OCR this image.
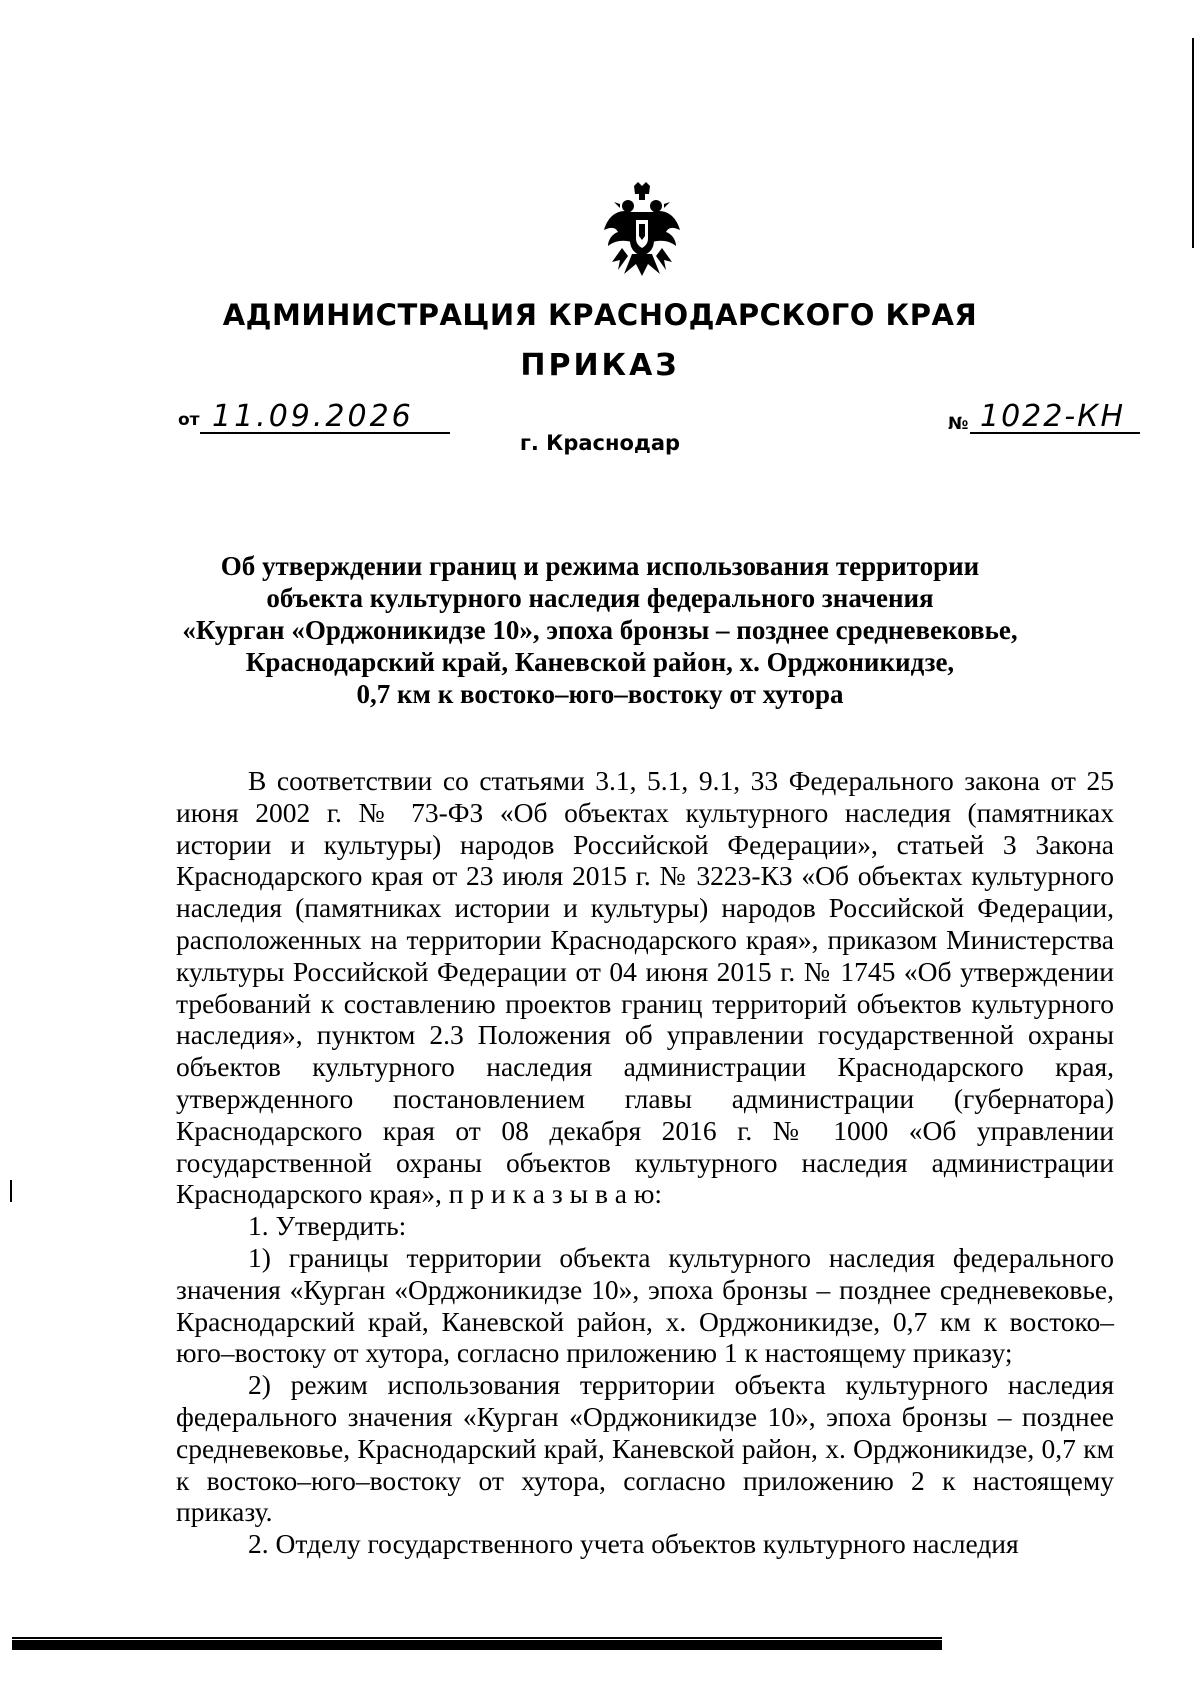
АДМИНИСТРАЦИЯ КРАСНОДАРСКОГО КРАЯ
ПРИКАЗ
от 11.09.2026
г. Краснодар
№ 1022-КН
Об утверждении границ и режима использования территории
объекта культурного наследия федерального значения
«Курган «Орджоникидзе 10», эпоха бронзы – позднее средневековье,
Краснодарский край, Каневской район, х. Орджоникидзе,
0,7 км к востоко–юго–востоку от хутора

В соответствии со статьями 3.1, 5.1, 9.1, 33 Федерального закона от 25 июня 2002 г. № 73-ФЗ «Об объектах культурного наследия (памятниках истории и культуры) народов Российской Федерации», статьей 3 Закона Краснодарского края от 23 июля 2015 г. № 3223-КЗ «Об объектах культурного наследия (памятниках истории и культуры) народов Российской Федерации, расположенных на территории Краснодарского края», приказом Министерства культуры Российской Федерации от 04 июня 2015 г. № 1745 «Об утверждении требований к составлению проектов границ территорий объектов культурного наследия», пунктом 2.3 Положения об управлении государственной охраны объектов культурного наследия администрации Краснодарского края, утвержденного постановлением главы администрации (губернатора) Краснодарского края от 08 декабря 2016 г. № 1000 «Об управлении государственной охраны объектов культурного наследия администрации Краснодарского края», п р и к а з ы в а ю:

1. Утвердить:

1) границы территории объекта культурного наследия федерального значения «Курган «Орджоникидзе 10», эпоха бронзы – позднее средневековье, Краснодарский край, Каневской район, х. Орджоникидзе, 0,7 км к востоко–юго–востоку от хутора, согласно приложению 1 к настоящему приказу;

2) режим использования территории объекта культурного наследия федерального значения «Курган «Орджоникидзе 10», эпоха бронзы – позднее средневековье, Краснодарский край, Каневской район, х. Орджоникидзе, 0,7 км к востоко–юго–востоку от хутора, согласно приложению 2 к настоящему приказу.

2. Отделу государственного учета объектов культурного наследия
